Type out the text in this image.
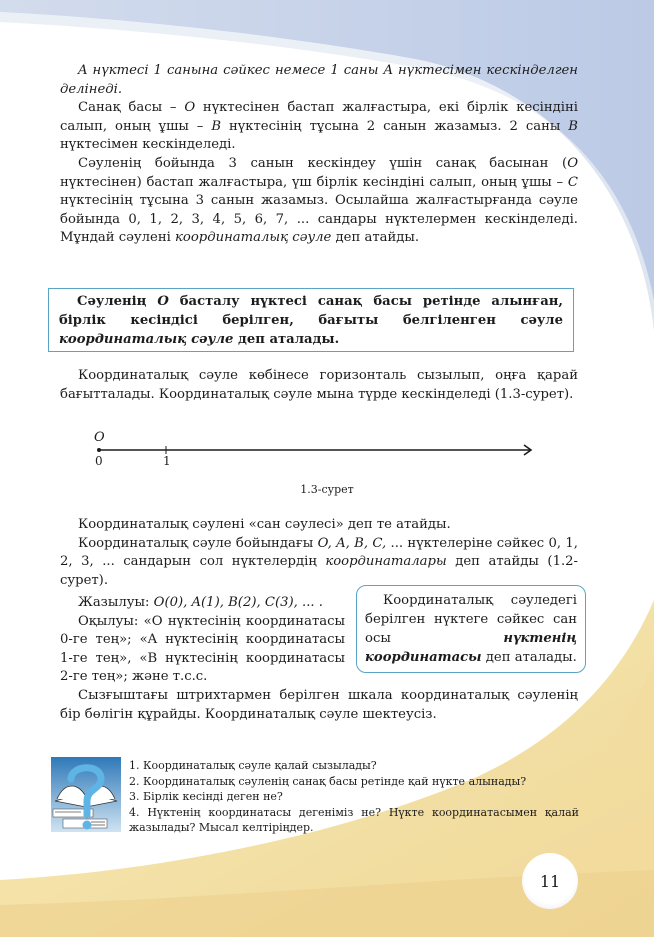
A нүктесі 1 санына сәйкес немесе 1 саны A нүктесімен кескінделген делінеді.

Санақ басы – O нүктесінен бастап жалғастыра, екі бірлік кесіндіні салып, оның ұшы – B нүктесінің тұсына 2 санын жазамыз. 2 саны B нүктесімен кескінделеді.

Сәуленің бойында 3 санын кескіндеу үшін санақ басынан (O нүктесінен) бастап жалғастыра, үш бірлік кесіндіні салып, оның ұшы – C нүктесінің тұсына 3 санын жазамыз. Осылайша жалғастырғанда сәуле бойында 0, 1, 2, 3, 4, 5, 6, 7, ... сандары нүктелермен кескінделеді. Мұндай сәулені координаталық сәуле деп атайды.

Сәуленің O басталу нүктесі санақ басы ретінде алынған, бірлік кесіндісі берілген, бағыты белгіленген сәуле координаталық сәуле деп аталады.

Координаталық сәуле көбінесе горизонталь сызылып, оңға қарай бағытталады. Координаталық сәуле мына түрде кескінделеді (1.3-сурет).

O
0	1
1.3-сурет

Координаталық сәулені «сан сәулесі» деп те атайды.

Координаталық сәуле бойындағы O, A, B, C, ... нүктелеріне сәйкес 0, 1, 2, 3, ... сандарын сол нүктелердің координаталары деп атайды (1.2-сурет).

Жазылуы: O(0), A(1), B(2), C(3), ... .

Оқылуы: «O нүктесінің координатасы 0-ге тең»; «A нүктесінің координатасы 1-ге тең», «B нүктесінің координатасы 2-ге тең»; және т.с.с.

Координаталық сәуледегі берілген нүктеге сәйкес сан осы нүктенің координатасы деп аталады.

Сызғыштағы штрихтармен берілген шкала координаталық сәуленің бір бөлігін құрайды. Координаталық сәуле шектеусіз.

1. Координаталық сәуле қалай сызылады?

2. Координаталық сәуленің санақ басы ретінде қай нүкте алынады?

3. Бірлік кесінді деген не?

4. Нүктенің координатасы дегеніміз не? Нүкте координатасымен қалай жазылады? Мысал келтіріңдер.

11
